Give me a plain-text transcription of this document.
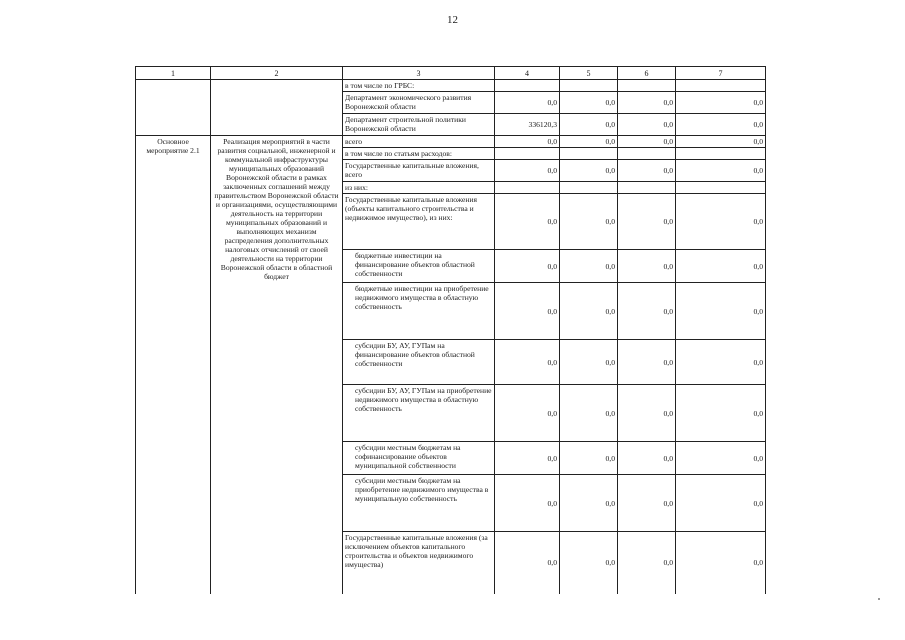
12
1	2	3	4	5	6	7
		в том числе по ГРБС:				
		Департамент экономического развития Воронежской области	0,0	0,0	0,0	0,0
		Департамент строительной политики Воронежской области	336120,3	0,0	0,0	0,0
Основное мероприятие 2.1	Реализация мероприятий в части развития социальной, инженерной и коммунальной инфраструктуры муниципальных образований Воронежской области в рамках заключенных соглашений между правительством Воронежской области и организациями, осуществляющими деятельность на территории муниципальных образований и выполняющих механизм распределения дополнительных налоговых отчислений от своей деятельности на территории Воронежской области в областной бюджет	всего	0,0	0,0	0,0	0,0
		в том числе по статьям расходов:				
		Государственные капитальные вложения, всего	0,0	0,0	0,0	0,0
		из них:				
		Государственные капитальные вложения (объекты капитального строительства и недвижимое имущество), из них:	0,0	0,0	0,0	0,0
		бюджетные инвестиции на финансирование объектов областной собственности	0,0	0,0	0,0	0,0
		бюджетные инвестиции на приобретение недвижимого имущества в областную собственность	0,0	0,0	0,0	0,0
		субсидии БУ, АУ, ГУПам на финансирование объектов областной собственности	0,0	0,0	0,0	0,0
		субсидии БУ, АУ, ГУПам на приобретение недвижимого имущества в областную собственность	0,0	0,0	0,0	0,0
		субсидии местным бюджетам на софинансирование объектов муниципальной собственности	0,0	0,0	0,0	0,0
		субсидии местным бюджетам на приобретение недвижимого имущества в муниципальную собственность	0,0	0,0	0,0	0,0
		Государственные капитальные вложения (за исключением объектов капитального строительства и объектов недвижимого имущества)	0,0	0,0	0,0	0,0
